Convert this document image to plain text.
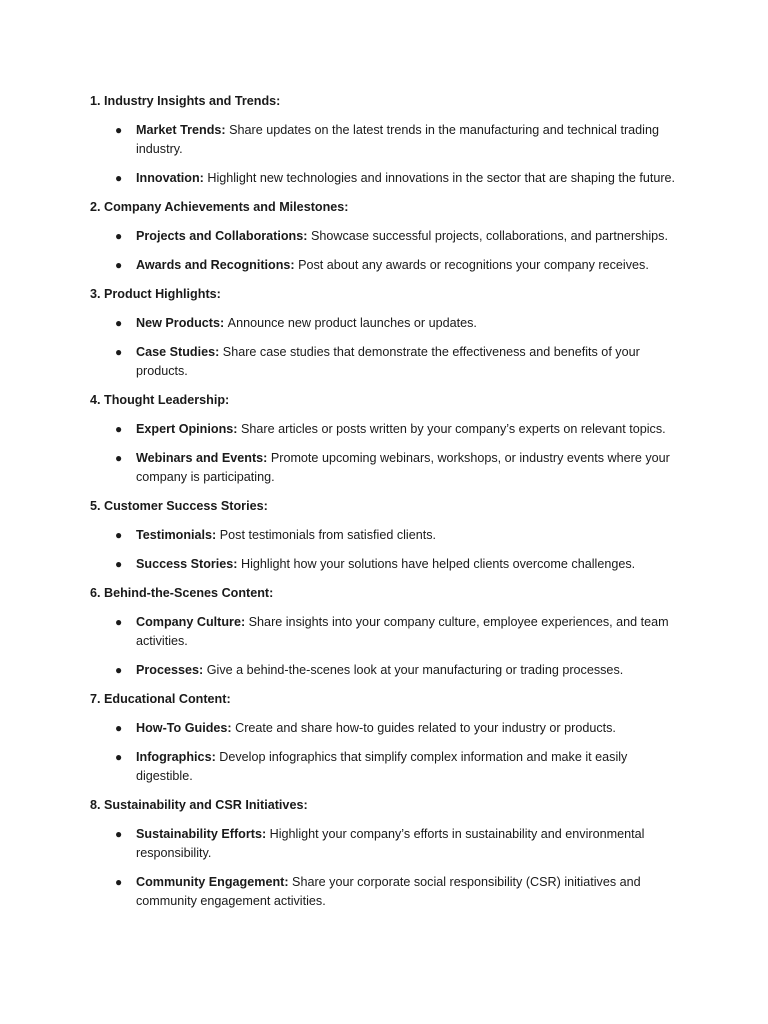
1. Industry Insights and Trends:
● Market Trends: Share updates on the latest trends in the manufacturing and technical trading industry.
● Innovation: Highlight new technologies and innovations in the sector that are shaping the future.
2. Company Achievements and Milestones:
● Projects and Collaborations: Showcase successful projects, collaborations, and partnerships.
● Awards and Recognitions: Post about any awards or recognitions your company receives.
3. Product Highlights:
● New Products: Announce new product launches or updates.
● Case Studies: Share case studies that demonstrate the effectiveness and benefits of your products.
4. Thought Leadership:
● Expert Opinions: Share articles or posts written by your company’s experts on relevant topics.
● Webinars and Events: Promote upcoming webinars, workshops, or industry events where your company is participating.
5. Customer Success Stories:
● Testimonials: Post testimonials from satisfied clients.
● Success Stories: Highlight how your solutions have helped clients overcome challenges.
6. Behind-the-Scenes Content:
● Company Culture: Share insights into your company culture, employee experiences, and team activities.
● Processes: Give a behind-the-scenes look at your manufacturing or trading processes.
7. Educational Content:
● How-To Guides: Create and share how-to guides related to your industry or products.
● Infographics: Develop infographics that simplify complex information and make it easily digestible.
8. Sustainability and CSR Initiatives:
● Sustainability Efforts: Highlight your company’s efforts in sustainability and environmental responsibility.
● Community Engagement: Share your corporate social responsibility (CSR) initiatives and community engagement activities.
